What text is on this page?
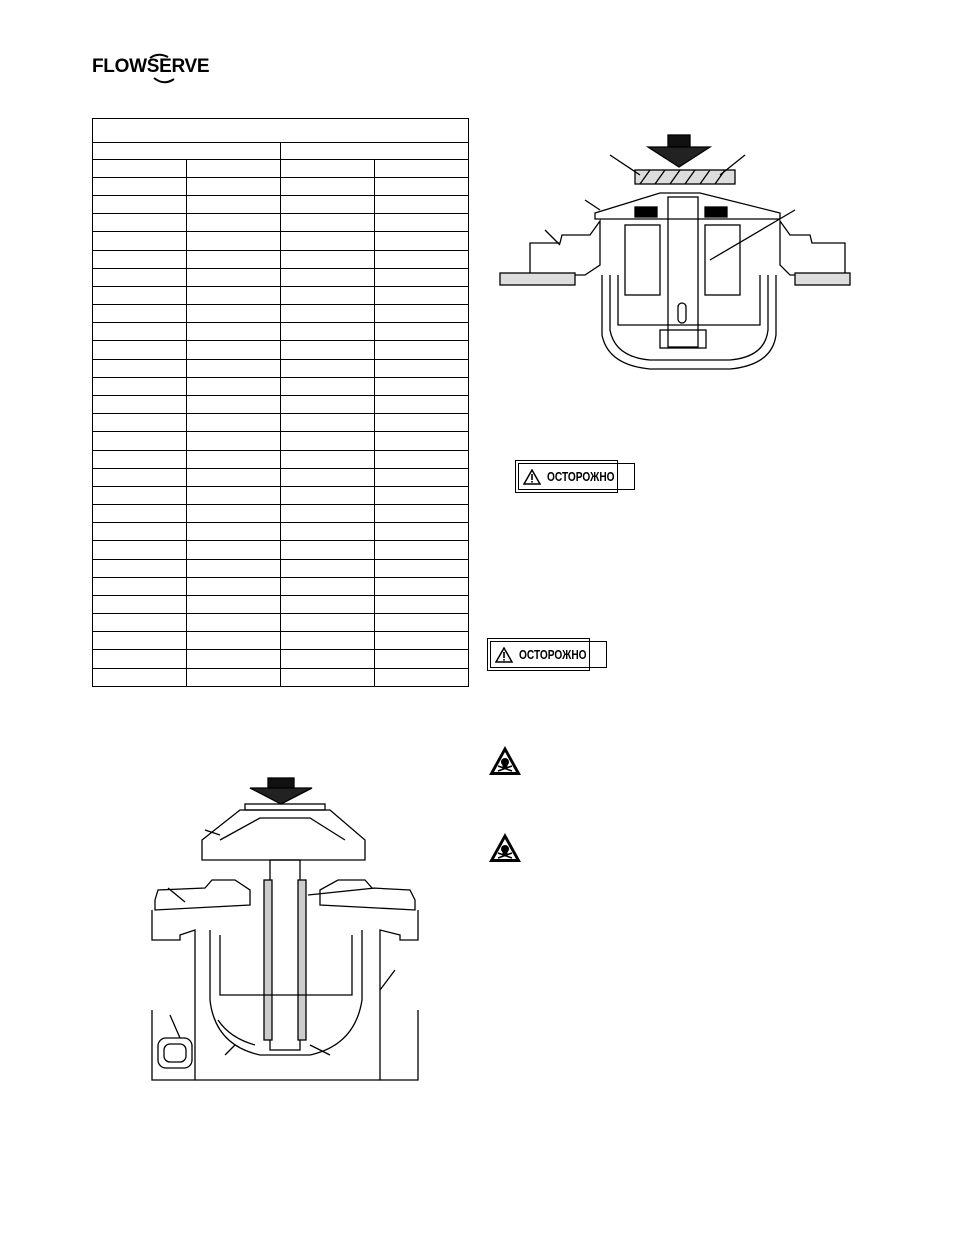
FLOWSERVE

ОСТОРОЖНО
ОСТОРОЖНО
